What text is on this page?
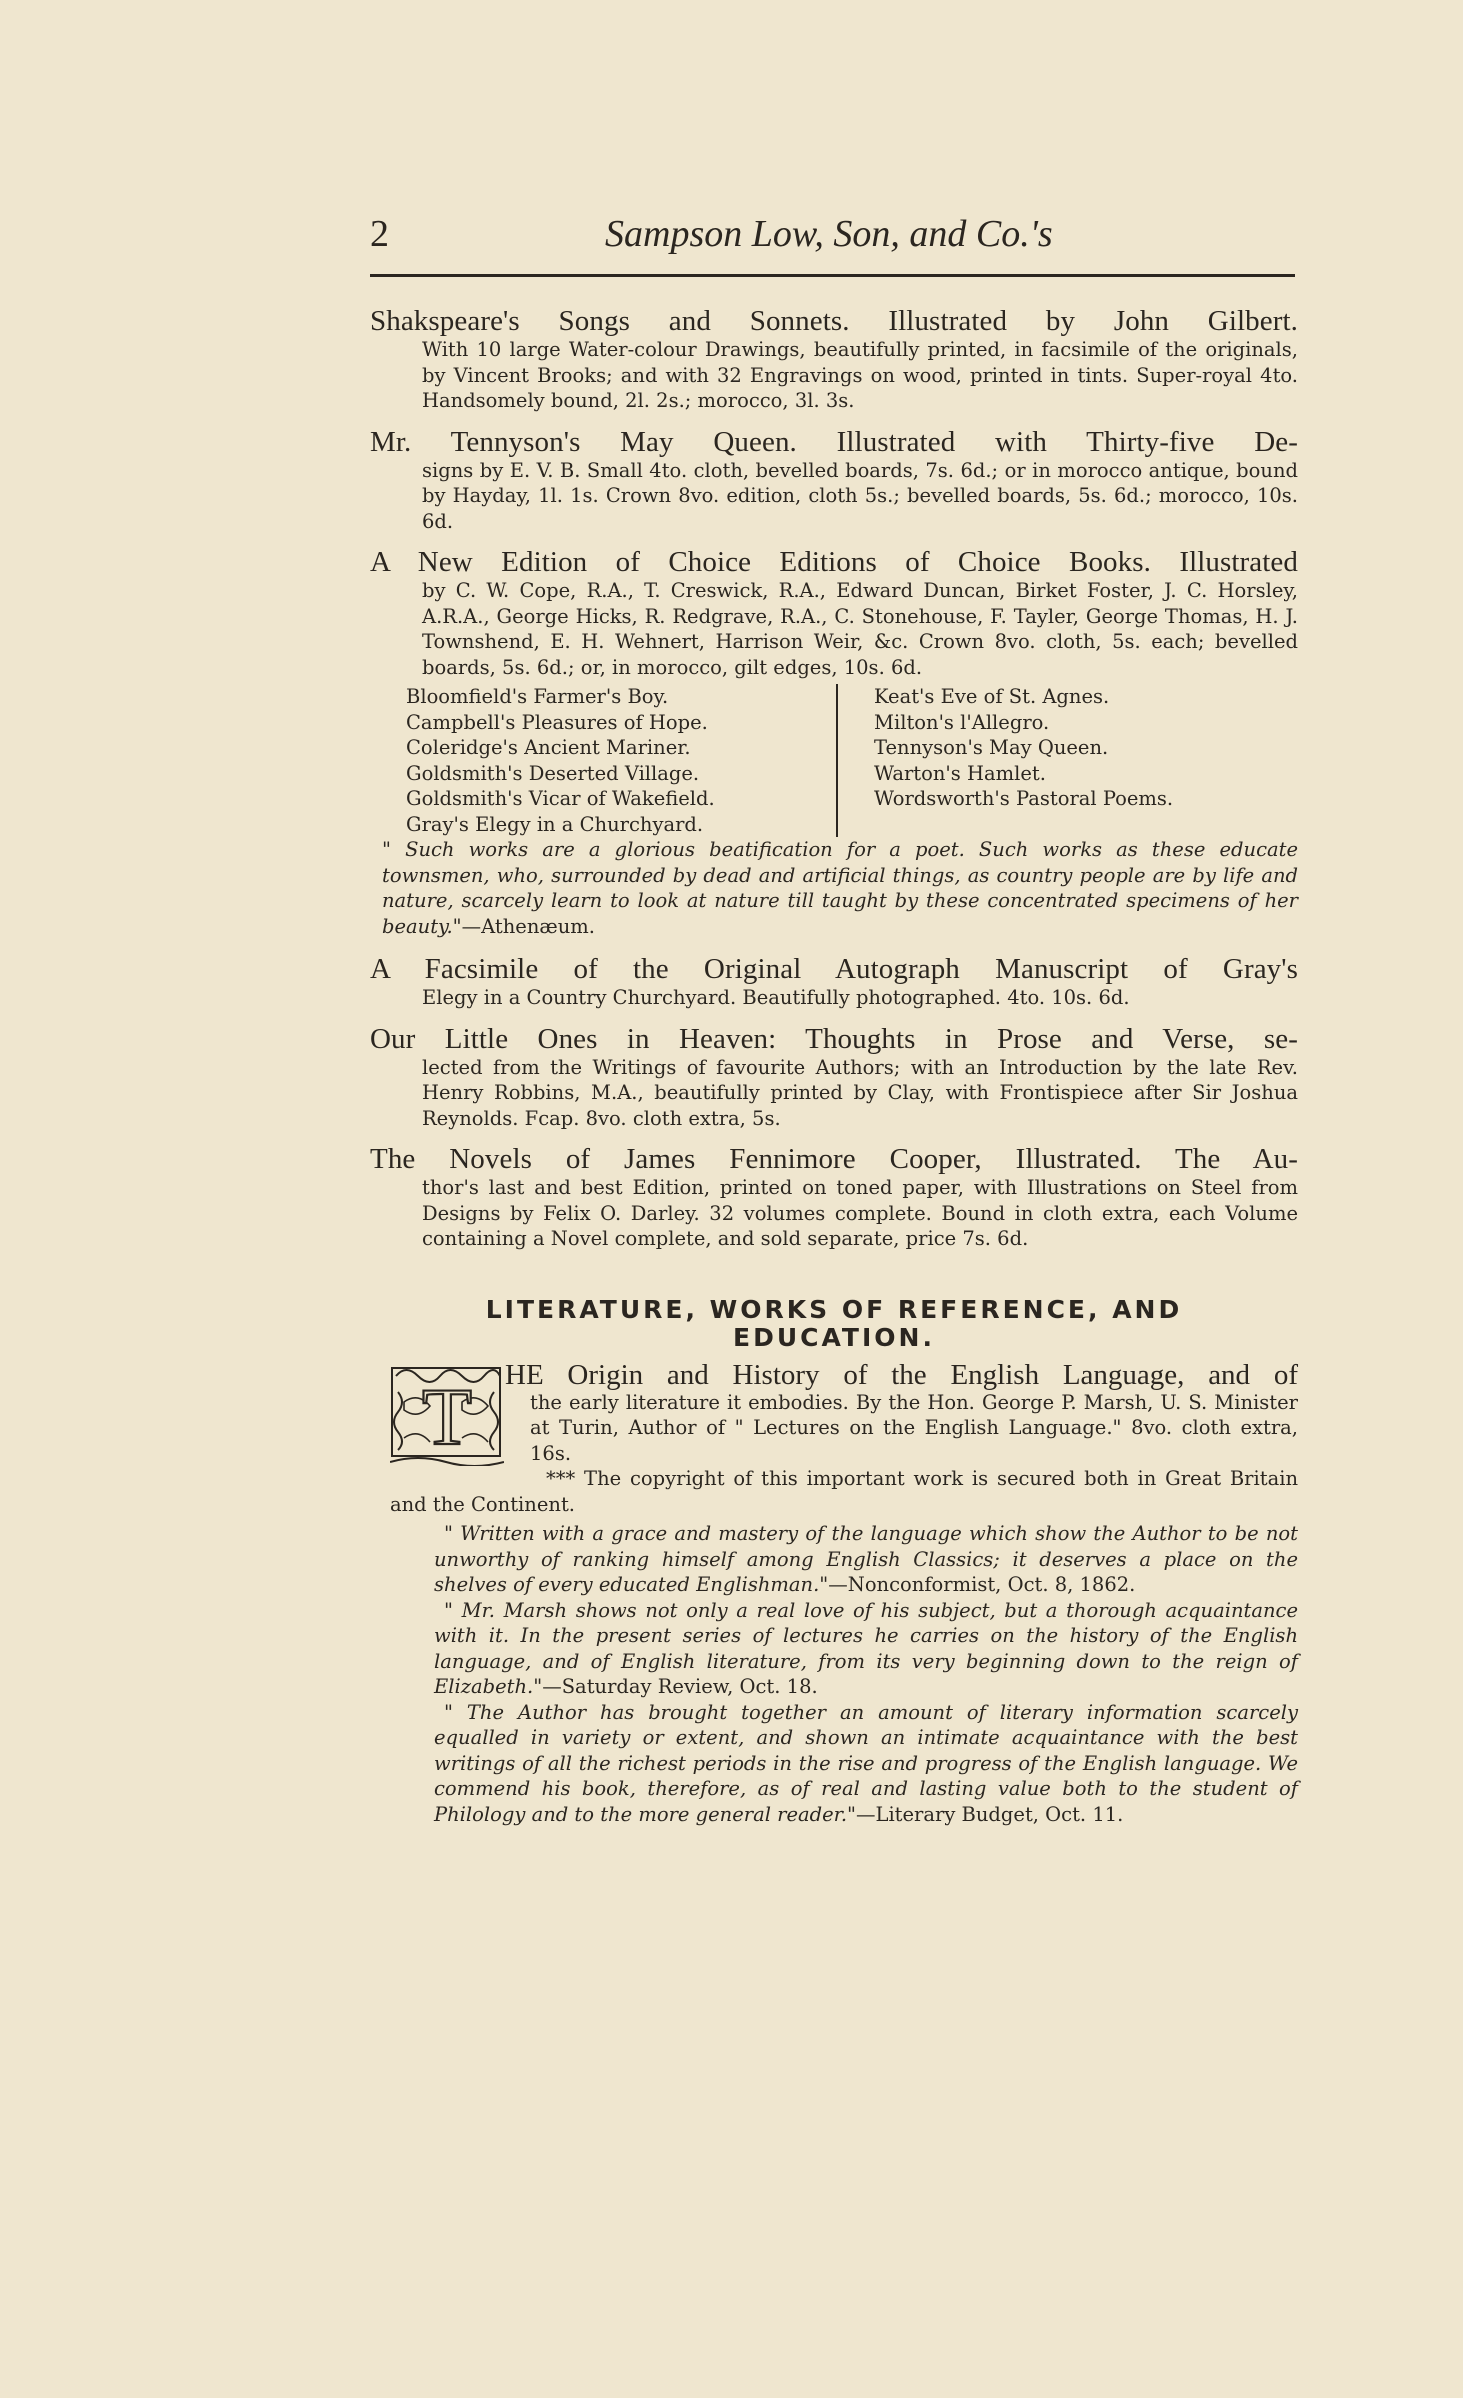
2	Sampson Low, Son, and Co.'s
Shakspeare's Songs and Sonnets. Illustrated by John Gilbert.
With 10 large Water-colour Drawings, beautifully printed, in facsimile of the originals, by Vincent Brooks; and with 32 Engravings on wood, printed in tints. Super-royal 4to. Handsomely bound, 2l. 2s.; morocco, 3l. 3s.
Mr. Tennyson's May Queen. Illustrated with Thirty-five De-
signs by E. V. B. Small 4to. cloth, bevelled boards, 7s. 6d.; or in morocco antique, bound by Hayday, 1l. 1s. Crown 8vo. edition, cloth 5s.; bevelled boards, 5s. 6d.; morocco, 10s. 6d.
A New Edition of Choice Editions of Choice Books. Illustrated
by C. W. Cope, R.A., T. Creswick, R.A., Edward Duncan, Birket Foster, J. C. Horsley, A.R.A., George Hicks, R. Redgrave, R.A., C. Stonehouse, F. Tayler, George Thomas, H. J. Townshend, E. H. Wehnert, Harrison Weir, &c. Crown 8vo. cloth, 5s. each; bevelled boards, 5s. 6d.; or, in morocco, gilt edges, 10s. 6d.
Bloomfield's Farmer's Boy.
Campbell's Pleasures of Hope.
Coleridge's Ancient Mariner.
Goldsmith's Deserted Village.
Goldsmith's Vicar of Wakefield.
Gray's Elegy in a Churchyard.
Keat's Eve of St. Agnes.
Milton's l'Allegro.
Tennyson's May Queen.
Warton's Hamlet.
Wordsworth's Pastoral Poems.
" Such works are a glorious beatification for a poet. Such works as these educate townsmen, who, surrounded by dead and artificial things, as country people are by life and nature, scarcely learn to look at nature till taught by these concentrated specimens of her beauty."—Athenæum.
A Facsimile of the Original Autograph Manuscript of Gray's
Elegy in a Country Churchyard. Beautifully photographed. 4to. 10s. 6d.
Our Little Ones in Heaven: Thoughts in Prose and Verse, se-
lected from the Writings of favourite Authors; with an Introduction by the late Rev. Henry Robbins, M.A., beautifully printed by Clay, with Frontispiece after Sir Joshua Reynolds. Fcap. 8vo. cloth extra, 5s.
The Novels of James Fennimore Cooper, Illustrated. The Au-
thor's last and best Edition, printed on toned paper, with Illustrations on Steel from Designs by Felix O. Darley. 32 volumes complete. Bound in cloth extra, each Volume containing a Novel complete, and sold separate, price 7s. 6d.
LITERATURE, WORKS OF REFERENCE, AND
EDUCATION.
T HE Origin and History of the English Language, and of
the early literature it embodies. By the Hon. George P. Marsh, U. S. Minister at Turin, Author of " Lectures on the English Language." 8vo. cloth extra, 16s.
*** The copyright of this important work is secured both in Great Britain and the Continent.
" Written with a grace and mastery of the language which show the Author to be not unworthy of ranking himself among English Classics; it deserves a place on the shelves of every educated Englishman."—Nonconformist, Oct. 8, 1862.
" Mr. Marsh shows not only a real love of his subject, but a thorough acquaintance with it. In the present series of lectures he carries on the history of the English language, and of English literature, from its very beginning down to the reign of Elizabeth."—Saturday Review, Oct. 18.
" The Author has brought together an amount of literary information scarcely equalled in variety or extent, and shown an intimate acquaintance with the best writings of all the richest periods in the rise and progress of the English language. We commend his book, therefore, as of real and lasting value both to the student of Philology and to the more general reader."—Literary Budget, Oct. 11.
